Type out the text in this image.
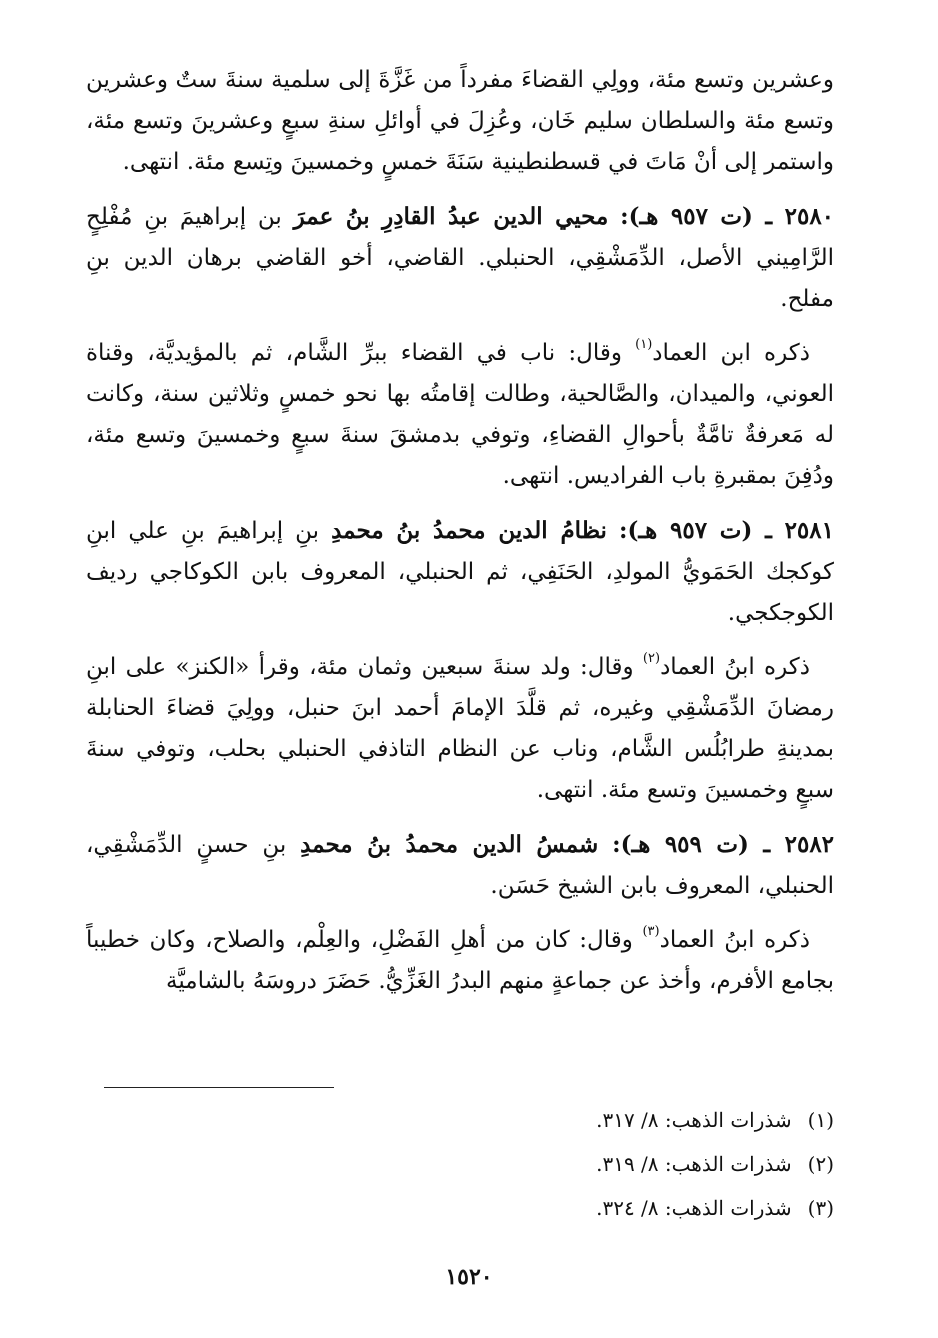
وعشرين وتسع مئة، وولِي القضاءَ مفرداً من غَزَّةَ إلى سلمية سنةَ ستٌ وعشرين وتسع مئة والسلطان سليم خَان، وعُزِلَ في أوائلِ سنةِ سبعٍ وعشرينَ وتسع مئة، واستمر إلى أنْ مَاتَ في قسطنطينية سَنَةَ خمسٍ وخمسينَ وتِسع مئة. انتهى.

٢٥٨٠ ـ (ت ٩٥٧ هـ): محيي الدين عبدُ القادِرِ بنُ عمرَ بن إبراهيمَ بنِ مُفْلِحٍ الرَّامِيني الأصل، الدِّمَشْقِي، الحنبلي. القاضي، أخو القاضي برهان الدين بنِ مفلح.

ذكره ابن العماد$^{(١)}$ وقال: ناب في القضاء ببرِّ الشَّام، ثم بالمؤيديَّة، وقناة العوني، والميدان، والصَّالحية، وطالت إقامتُه بها نحو خمسٍ وثلاثين سنة، وكانت له مَعرفةٌ تامَّةٌ بأحوالِ القضاءِ، وتوفي بدمشقَ سنةَ سبعٍ وخمسينَ وتسع مئة، ودُفِنَ بمقبرةِ باب الفراديس. انتهى.

٢٥٨١ ـ (ت ٩٥٧ هـ): نظامُ الدين محمدُ بنُ محمدِ بنِ إبراهيمَ بنِ علي ابنِ كوكجك الحَمَويُّ المولدِ، الحَنَفِي، ثم الحنبلي، المعروف بابن الكوكاجي رديف الكوجكجي.

ذكره ابنُ العماد$^{(٢)}$ وقال: ولد سنةَ سبعين وثمان مئة، وقرأ «الكنز» على ابنِ رمضانَ الدِّمَشْقِي وغيره، ثم قلَّدَ الإمامَ أحمد ابنَ حنبل، وولِيَ قضاءَ الحنابلة بمدينةِ طرابُلُس الشَّام، وناب عن النظام التاذفي الحنبلي بحلب، وتوفي سنةَ سبعٍ وخمسينَ وتسع مئة. انتهى.

٢٥٨٢ ـ (ت ٩٥٩ هـ): شمسُ الدين محمدُ بنُ محمدِ بنِ حسنٍ الدِّمَشْقِي، الحنبلي، المعروف بابن الشيخ حَسَن.

ذكره ابنُ العماد$^{(٣)}$ وقال: كان من أهلِ الفَضْلِ، والعِلْم، والصلاح، وكان خطيباً بجامع الأفرم، وأخذ عن جماعةٍ منهم البدرُ الغَزِّيُّ. حَضَرَ دروسَهُ بالشاميَّة

(١) شذرات الذهب: ٨/ ٣١٧.
(٢) شذرات الذهب: ٨/ ٣١٩.
(٣) شذرات الذهب: ٨/ ٣٢٤.
١٥٢٠
